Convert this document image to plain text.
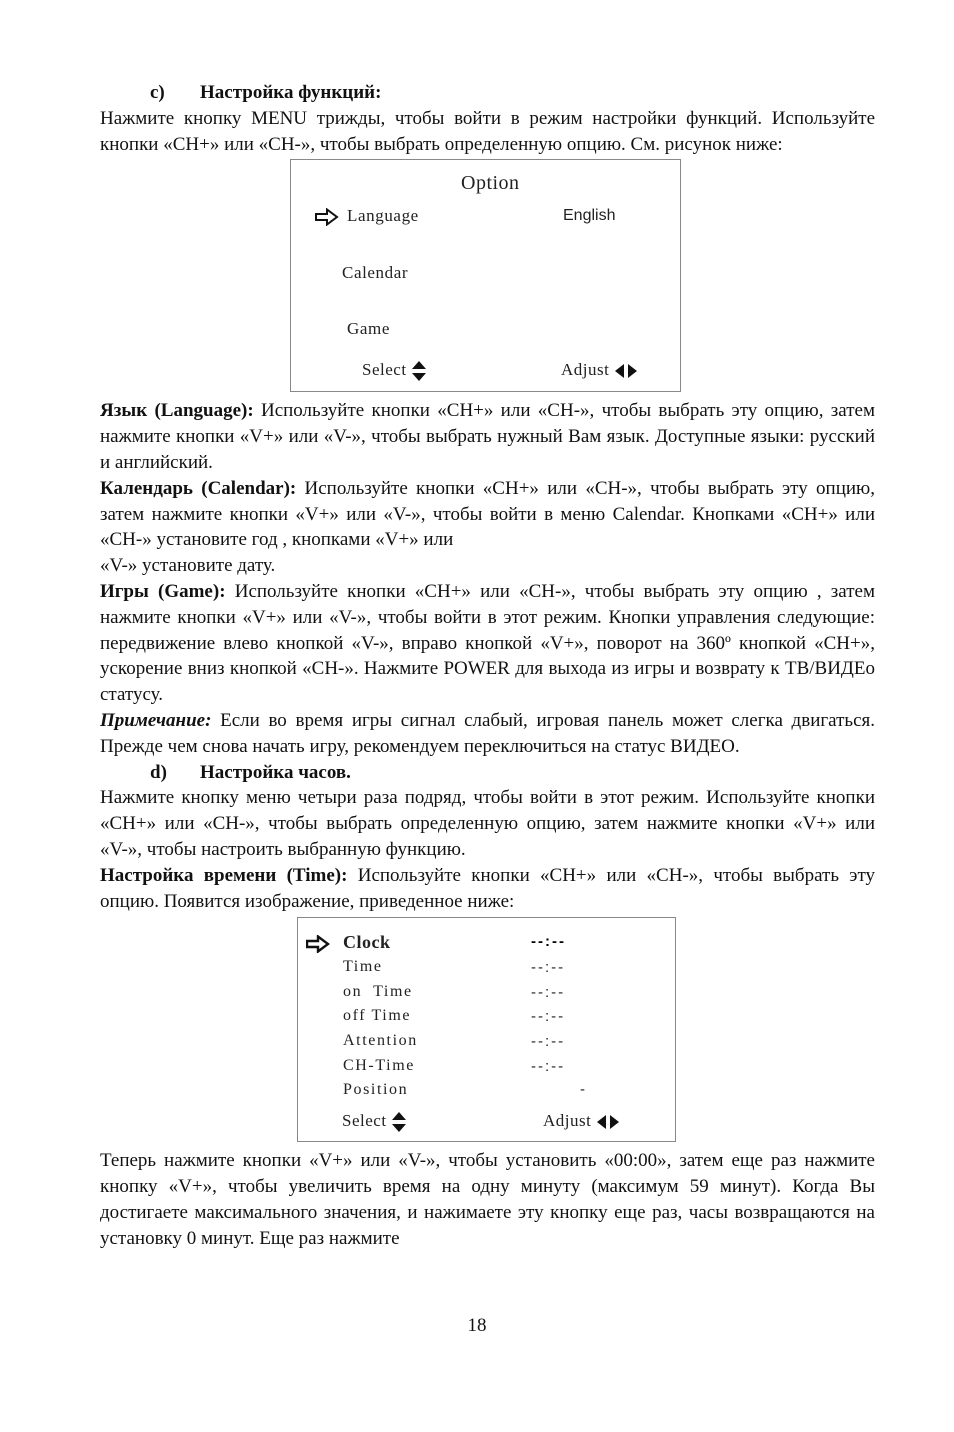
c) Настройка функций:

Нажмите кнопку MENU трижды, чтобы войти в режим настройки функций. Используйте кнопки «CH+» или «CH-», чтобы выбрать определенную опцию. См. рисунок ниже:

Option
Language	English
Calendar
Game
Select	Adjust

Язык (Language): Используйте кнопки «CH+» или «CH-», чтобы выбрать эту опцию, затем нажмите кнопки «V+» или «V-», чтобы выбрать нужный Вам язык. Доступные языки: русский и английский.

Календарь (Calendar): Используйте кнопки «CH+» или «CH-», чтобы выбрать эту опцию, затем нажмите кнопки «V+» или «V-», чтобы войти в меню Calendar. Кнопками «CH+» или «CH-» установите год , кнопками «V+» или

«V-» установите дату.

Игры (Game): Используйте кнопки «CH+» или «CH-», чтобы выбрать эту опцию , затем нажмите кнопки «V+» или «V-», чтобы войти в этот режим. Кнопки управления следующие: передвижение влево кнопкой «V-», вправо кнопкой «V+», поворот на 360º кнопкой «CH+», ускорение вниз кнопкой «CH-». Нажмите POWER для выхода из игры и возврату к ТВ/ВИДЕо статусу.

Примечание: Если во время игры сигнал слабый, игровая панель может слегка двигаться. Прежде чем снова начать игру, рекомендуем переключиться на статус ВИДЕО.

d) Настройка часов.

Нажмите кнопку меню четыри раза подряд, чтобы войти в этот режим. Используйте кнопки «CH+» или «CH-», чтобы выбрать определенную опцию, затем нажмите кнопки «V+» или «V-», чтобы настроить выбранную функцию.

Настройка времени (Time): Используйте кнопки «CH+» или «CH-», чтобы выбрать эту опцию. Появится изображение, приведенное ниже:

Clock	--:--
Time	--:--
on  Time	--:--
off Time	--:--
Attention	--:--
CH-Time	--:--
Position	-
Select	Adjust

Теперь нажмите кнопки «V+» или «V-», чтобы установить «00:00», затем еще раз нажмите кнопку «V+», чтобы увеличить время на одну минуту (максимум 59 минут). Когда Вы достигаете максимального значения, и нажимаете эту кнопку еще раз, часы возвращаются на установку 0 минут. Еще раз нажмите

18
